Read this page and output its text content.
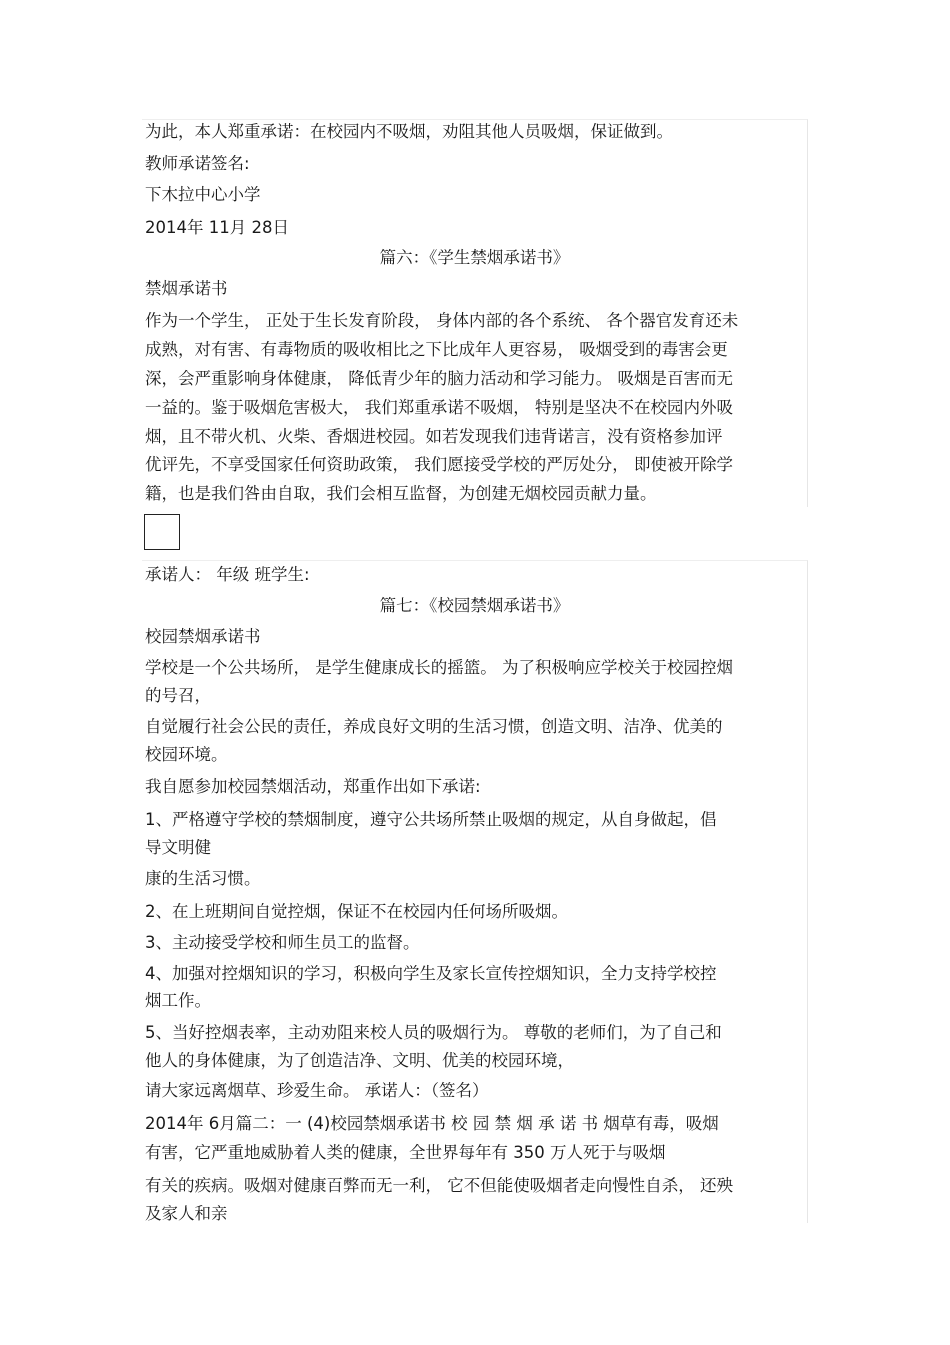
为此，本人郑重承诺：在校园内不吸烟，劝阻其他人员吸烟，保证做到。
教师承诺签名:
下木拉中心小学
2014年 11月 28日
篇六：《学生禁烟承诺书》
禁烟承诺书
作为一个学生， 正处于生长发育阶段， 身体内部的各个系统、 各个器官发育还未
成熟，对有害、有毒物质的吸收相比之下比成年人更容易， 吸烟受到的毒害会更
深，会严重影响身体健康， 降低青少年的脑力活动和学习能力。 吸烟是百害而无
一益的。鉴于吸烟危害极大， 我们郑重承诺不吸烟， 特别是坚决不在校园内外吸
烟，且不带火机、火柴、香烟进校园。如若发现我们违背诺言，没有资格参加评
优评先，不享受国家任何资助政策， 我们愿接受学校的严厉处分， 即使被开除学
籍，也是我们咎由自取，我们会相互监督，为创建无烟校园贡献力量。
承诺人： 年级 班学生:
篇七：《校园禁烟承诺书》
校园禁烟承诺书
学校是一个公共场所， 是学生健康成长的摇篮。 为了积极响应学校关于校园控烟
的号召，
自觉履行社会公民的责任，养成良好文明的生活习惯，创造文明、洁净、优美的
校园环境。
我自愿参加校园禁烟活动，郑重作出如下承诺:
1、严格遵守学校的禁烟制度，遵守公共场所禁止吸烟的规定，从自身做起，倡
导文明健
康的生活习惯。
2、在上班期间自觉控烟，保证不在校园内任何场所吸烟。
3、主动接受学校和师生员工的监督。
4、加强对控烟知识的学习，积极向学生及家长宣传控烟知识，全力支持学校控
烟工作。
5、当好控烟表率，主动劝阻来校人员的吸烟行为。 尊敬的老师们，为了自己和
他人的身体健康，为了创造洁净、文明、优美的校园环境，
请大家远离烟草、珍爱生命。 承诺人：（签名）
2014年 6月篇二：一 (4)校园禁烟承诺书 校 园 禁 烟 承 诺 书 烟草有毒，吸烟
有害，它严重地威胁着人类的健康，全世界每年有 350 万人死于与吸烟
有关的疾病。吸烟对健康百弊而无一利， 它不但能使吸烟者走向慢性自杀， 还殃
及家人和亲
